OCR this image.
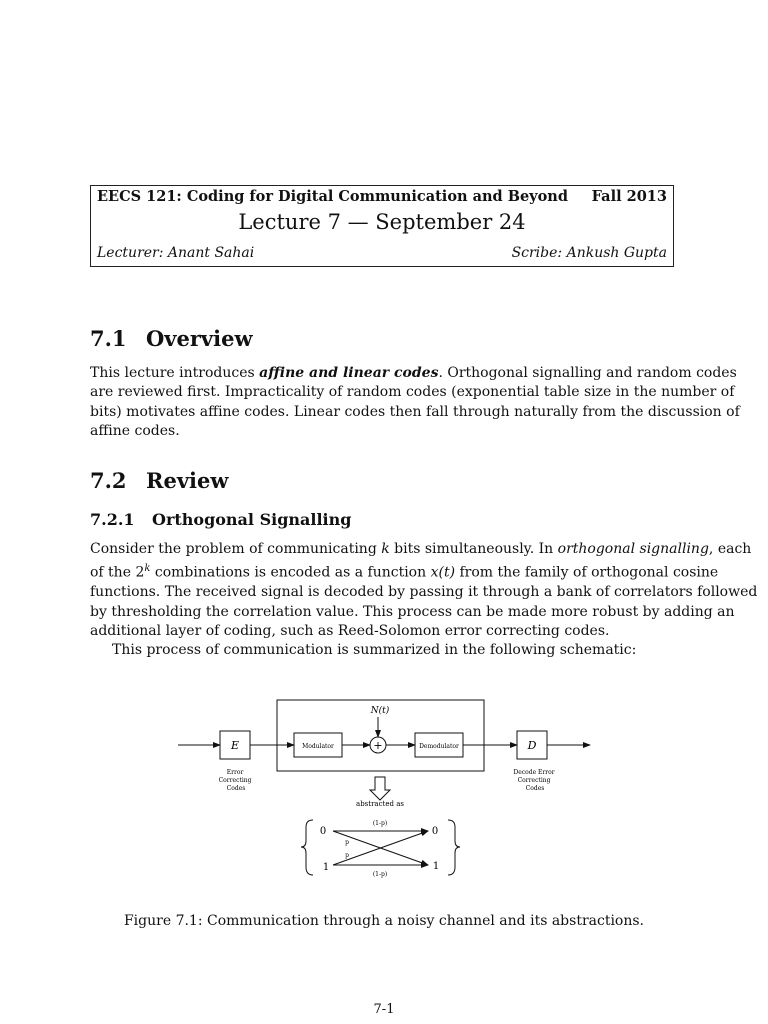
EECS 121: Coding for Digital Communication and Beyond Fall 2013
Lecture 7 — September 24
Lecturer: Anant Sahai	Scribe: Ankush Gupta
7.1 Overview
This lecture introduces affine and linear codes. Orthogonal signalling and random codes
are reviewed first. Impracticality of random codes (exponential table size in the number of
bits) motivates affine codes. Linear codes then fall through naturally from the discussion of
affine codes.
7.2 Review
7.2.1 Orthogonal Signalling
Consider the problem of communicating k bits simultaneously. In orthogonal signalling, each
of the 2$^k$ combinations is encoded as a function x(t) from the family of orthogonal cosine
functions. The received signal is decoded by passing it through a bank of correlators followed
by thresholding the correlation value. This process can be made more robust by adding an
additional layer of coding, such as Reed-Solomon error correcting codes.
This process of communication is summarized in the following schematic:
E	Modulator	+
N(t)
Demodulator	D
Error Correcting Codes
Decode Error Correcting Codes
abstracted as
0
1
0
1
(1-p)
(1-p)
p
p
Figure 7.1: Communication through a noisy channel and its abstractions.
7-1
